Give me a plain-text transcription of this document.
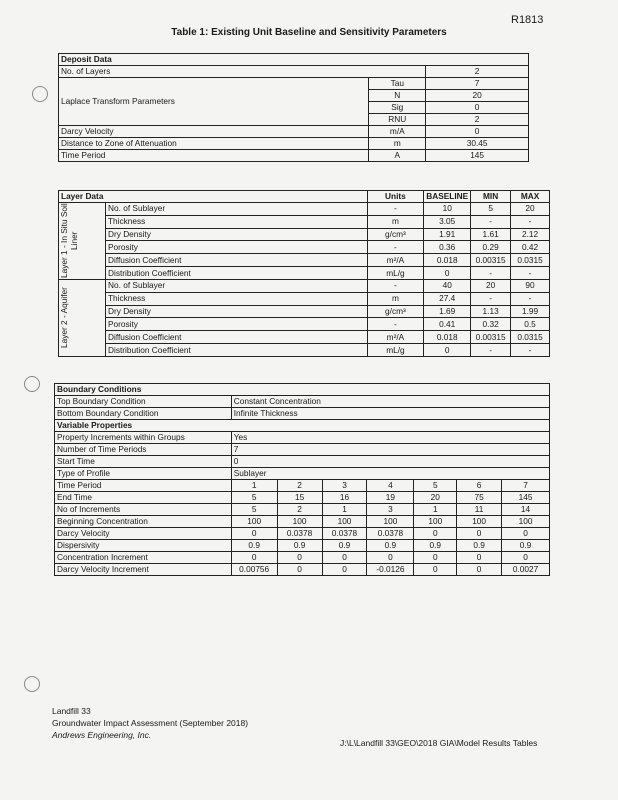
R1813
Table 1: Existing Unit Baseline and Sensitivity Parameters
Deposit Data		
No. of Layers		2
Laplace Transform Parameters	Tau	7
	N	20
	Sig	0
	RNU	2
Darcy Velocity	m/A	0
Distance to Zone of Attenuation	m	30.45
Time Period	A	145
Layer Data		Units	BASELINE	MIN	MAX

Layer 1 - In Situ Soil Liner	No. of Sublayer	-	10	5	20
	Thickness	m	3.05	-	-
	Dry Density	g/cm³	1.91	1.61	2.12
	Porosity	-	0.36	0.29	0.42
	Diffusion Coefficient	m²/A	0.018	0.00315	0.0315
	Distribution Coefficient	mL/g	0	-	-

Layer 2 - Aquifer	No. of Sublayer	-	40	20	90
	Thickness	m	27.4	-	-
	Dry Density	g/cm³	1.69	1.13	1.99
	Porosity	-	0.41	0.32	0.5
	Diffusion Coefficient	m²/A	0.018	0.00315	0.0315
	Distribution Coefficient	mL/g	0	-	-
Boundary Conditions							
Top Boundary Condition	Constant Concentration						
Bottom Boundary Condition	Infinite Thickness						
Variable Properties							
Property Increments within Groups	Yes						
Number of Time Periods	7						
Start Time	0						
Type of Profile	Sublayer						
Time Period	1	2	3	4	5	6	7
End Time	5	15	16	19	20	75	145
No of Increments	5	2	1	3	1	11	14
Beginning Concentration	100	100	100	100	100	100	100
Darcy Velocity	0	0.0378	0.0378	0.0378	0	0	0
Dispersivity	0.9	0.9	0.9	0.9	0.9	0.9	0.9
Concentration Increment	0	0	0	0	0	0	0
Darcy Velocity Increment	0.00756	0	0	-0.0126	0	0	0.0027
Landfill 33
Groundwater Impact Assessment (September 2018)
Andrews Engineering, Inc.
J:\L\Landfill 33\GEO\2018 GIA\Model Results Tables
